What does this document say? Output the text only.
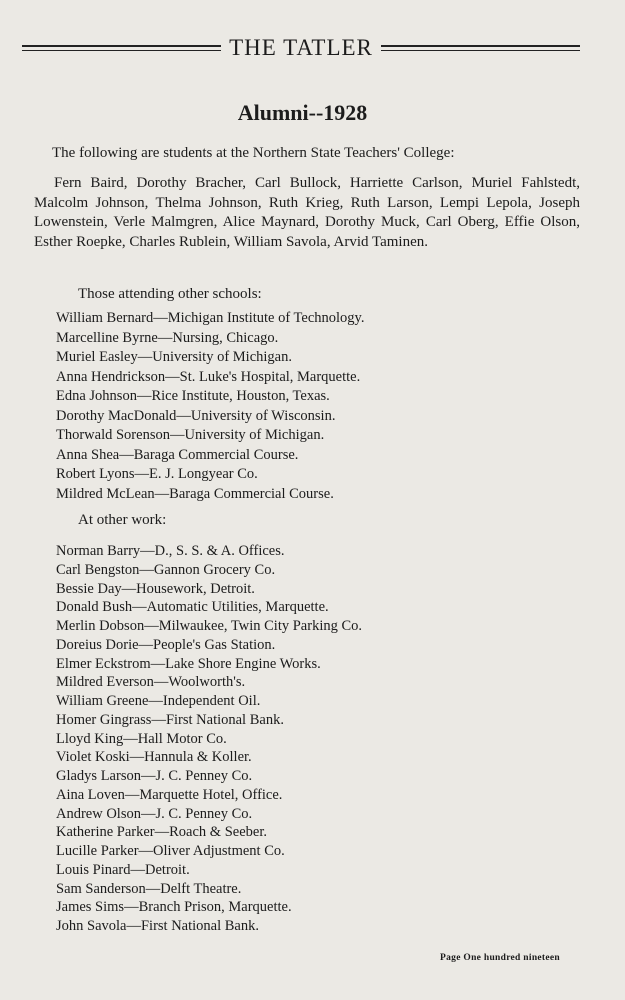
THE TATLER
Alumni--1928
The following are students at the Northern State Teachers' College:
Fern Baird, Dorothy Bracher, Carl Bullock, Harriette Carlson, Muriel Fahlstedt, Malcolm Johnson, Thelma Johnson, Ruth Krieg, Ruth Larson, Lempi Lepola, Joseph Lowenstein, Verle Malmgren, Alice Maynard, Dorothy Muck, Carl Oberg, Effie Olson, Esther Roepke, Charles Rublein, William Savola, Arvid Taminen.
Those attending other schools:
William Bernard—Michigan Institute of Technology.
Marcelline Byrne—Nursing, Chicago.
Muriel Easley—University of Michigan.
Anna Hendrickson—St. Luke's Hospital, Marquette.
Edna Johnson—Rice Institute, Houston, Texas.
Dorothy MacDonald—University of Wisconsin.
Thorwald Sorenson—University of Michigan.
Anna Shea—Baraga Commercial Course.
Robert Lyons—E. J. Longyear Co.
Mildred McLean—Baraga Commercial Course.
At other work:
Norman Barry—D., S. S. & A. Offices.
Carl Bengston—Gannon Grocery Co.
Bessie Day—Housework, Detroit.
Donald Bush—Automatic Utilities, Marquette.
Merlin Dobson—Milwaukee, Twin City Parking Co.
Doreius Dorie—People's Gas Station.
Elmer Eckstrom—Lake Shore Engine Works.
Mildred Everson—Woolworth's.
William Greene—Independent Oil.
Homer Gingrass—First National Bank.
Lloyd King—Hall Motor Co.
Violet Koski—Hannula & Koller.
Gladys Larson—J. C. Penney Co.
Aina Loven—Marquette Hotel, Office.
Andrew Olson—J. C. Penney Co.
Katherine Parker—Roach & Seeber.
Lucille Parker—Oliver Adjustment Co.
Louis Pinard—Detroit.
Sam Sanderson—Delft Theatre.
James Sims—Branch Prison, Marquette.
John Savola—First National Bank.
Page One hundred nineteen
